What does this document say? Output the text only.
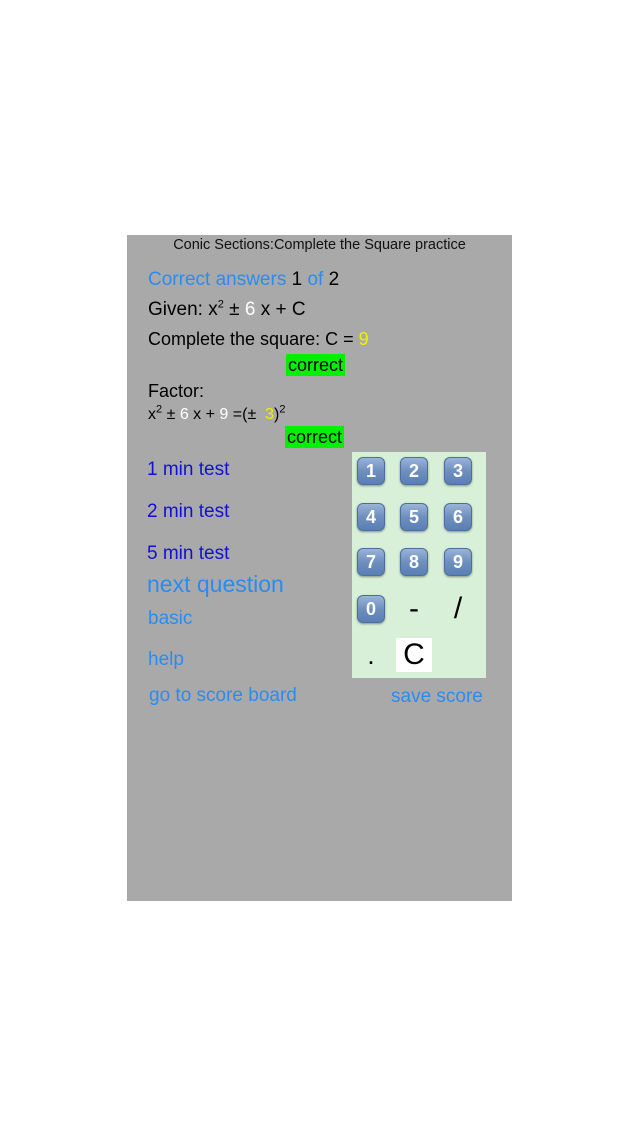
Conic Sections:Complete the Square practice
Correct answers 1 of 2
Given: $x^2 \pm 6$ x + C
Complete the square: C = 9
correct
Factor:
$x^2 \pm 6$ x + 9 =(± 3)$^2$
correct
1 min test
2 min test
5 min test
next question
basic
help
go to score board	save score
1	2	3
4	5	6
7	8	9
0	-	/
. C
